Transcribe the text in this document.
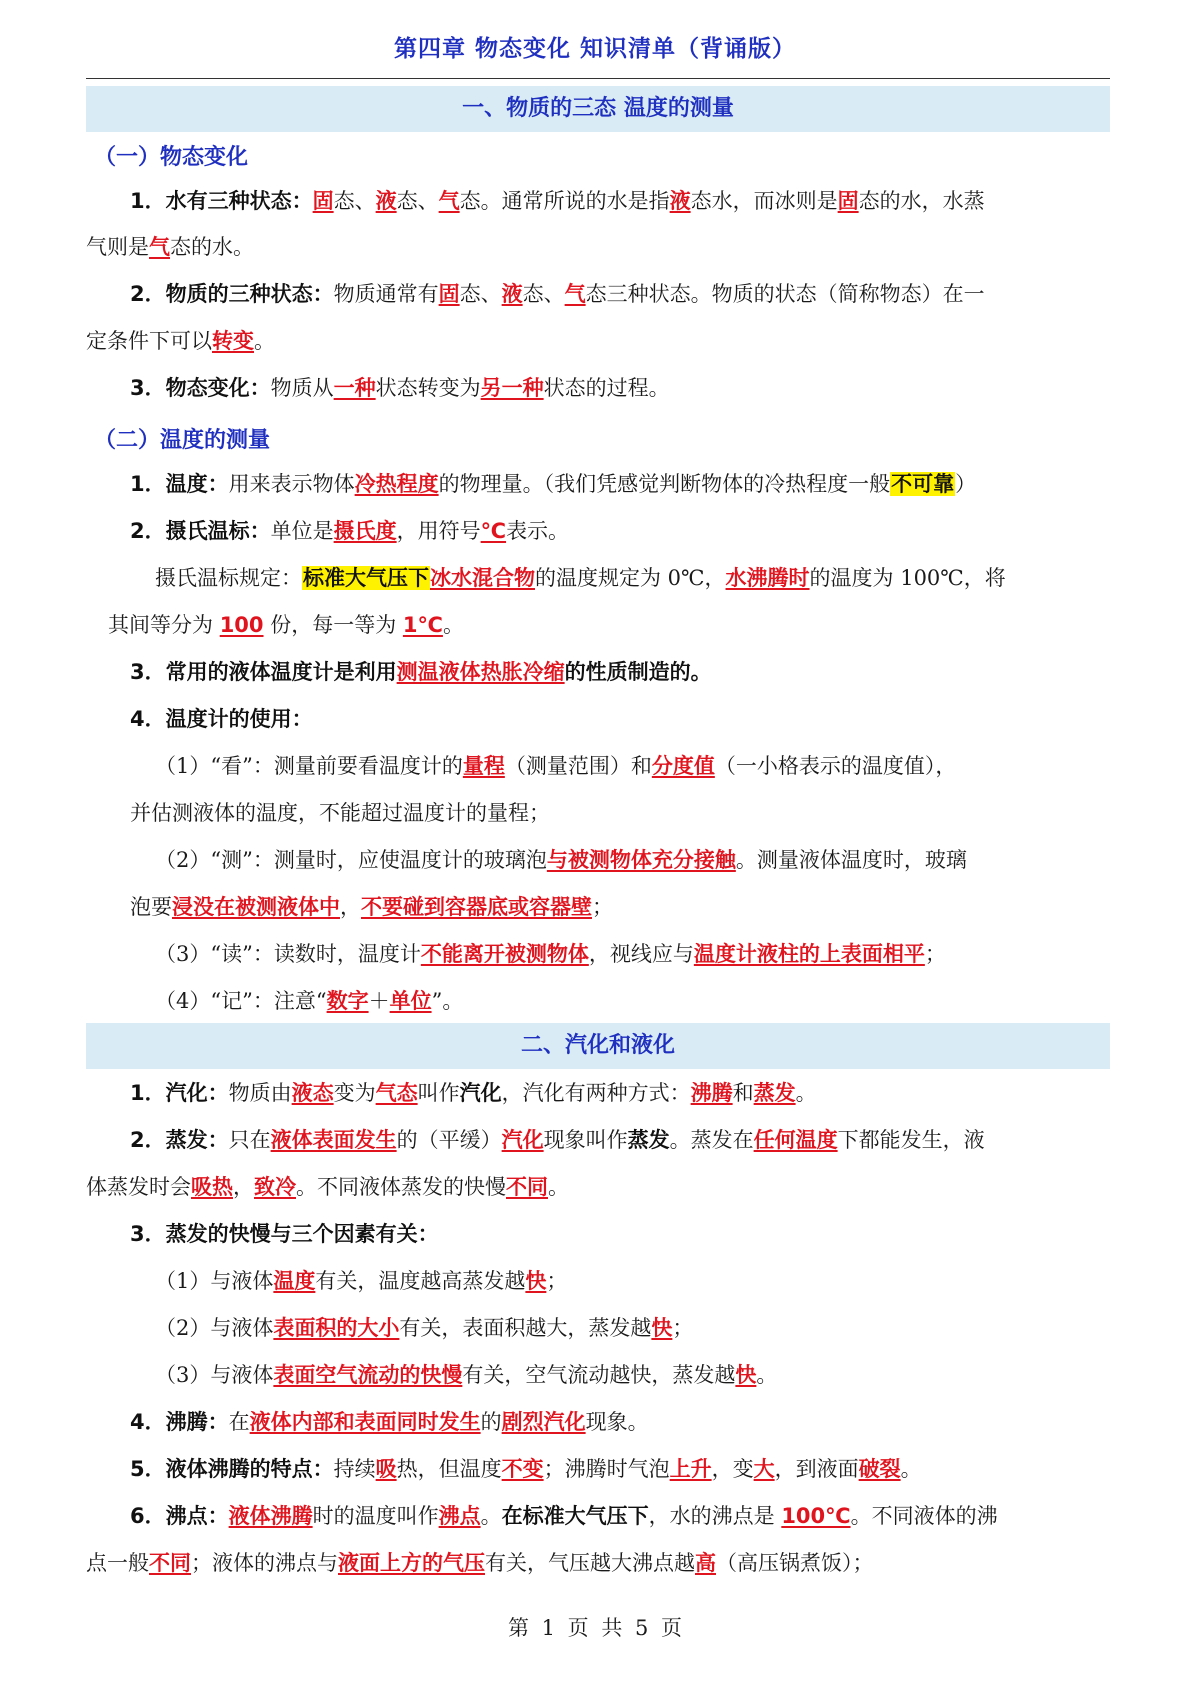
第四章 物态变化 知识清单（背诵版）
一、物质的三态 温度的测量
（一）物态变化
（二）温度的测量
二、汽化和液化
1．水有三种状态：固态、液态、气态。通常所说的水是指液态水，而冰则是固态的水，水蒸
气则是气态的水。
2．物质的三种状态：物质通常有固态、液态、气态三种状态。物质的状态（简称物态）在一
定条件下可以转变。
3．物态变化：物质从一种状态转变为另一种状态的过程。
1．温度：用来表示物体冷热程度的物理量。（我们凭感觉判断物体的冷热程度一般不可靠）
2．摄氏温标：单位是摄氏度，用符号℃表示。
摄氏温标规定：标准大气压下冰水混合物的温度规定为 0℃，水沸腾时的温度为 100℃，将
其间等分为 100 份，每一等为 1℃。
3．常用的液体温度计是利用测温液体热胀冷缩的性质制造的。
4．温度计的使用：
（1）“看”：测量前要看温度计的量程（测量范围）和分度值（一小格表示的温度值），
并估测液体的温度，不能超过温度计的量程；
（2）“测”：测量时，应使温度计的玻璃泡与被测物体充分接触。测量液体温度时，玻璃
泡要浸没在被测液体中，不要碰到容器底或容器壁；
（3）“读”：读数时，温度计不能离开被测物体，视线应与温度计液柱的上表面相平；
（4）“记”：注意“数字＋单位”。
1．汽化：物质由液态变为气态叫作汽化，汽化有两种方式：沸腾和蒸发。
2．蒸发：只在液体表面发生的（平缓）汽化现象叫作蒸发。蒸发在任何温度下都能发生，液
体蒸发时会吸热，致冷。不同液体蒸发的快慢不同。
3．蒸发的快慢与三个因素有关：
（1）与液体温度有关，温度越高蒸发越快；
（2）与液体表面积的大小有关，表面积越大，蒸发越快；
（3）与液体表面空气流动的快慢有关，空气流动越快，蒸发越快。
4．沸腾：在液体内部和表面同时发生的剧烈汽化现象。
5．液体沸腾的特点：持续吸热，但温度不变；沸腾时气泡上升，变大，到液面破裂。
6．沸点：液体沸腾时的温度叫作沸点。在标准大气压下，水的沸点是 100℃。不同液体的沸
点一般不同；液体的沸点与液面上方的气压有关，气压越大沸点越高（高压锅煮饭）；
第 1 页 共 5 页
